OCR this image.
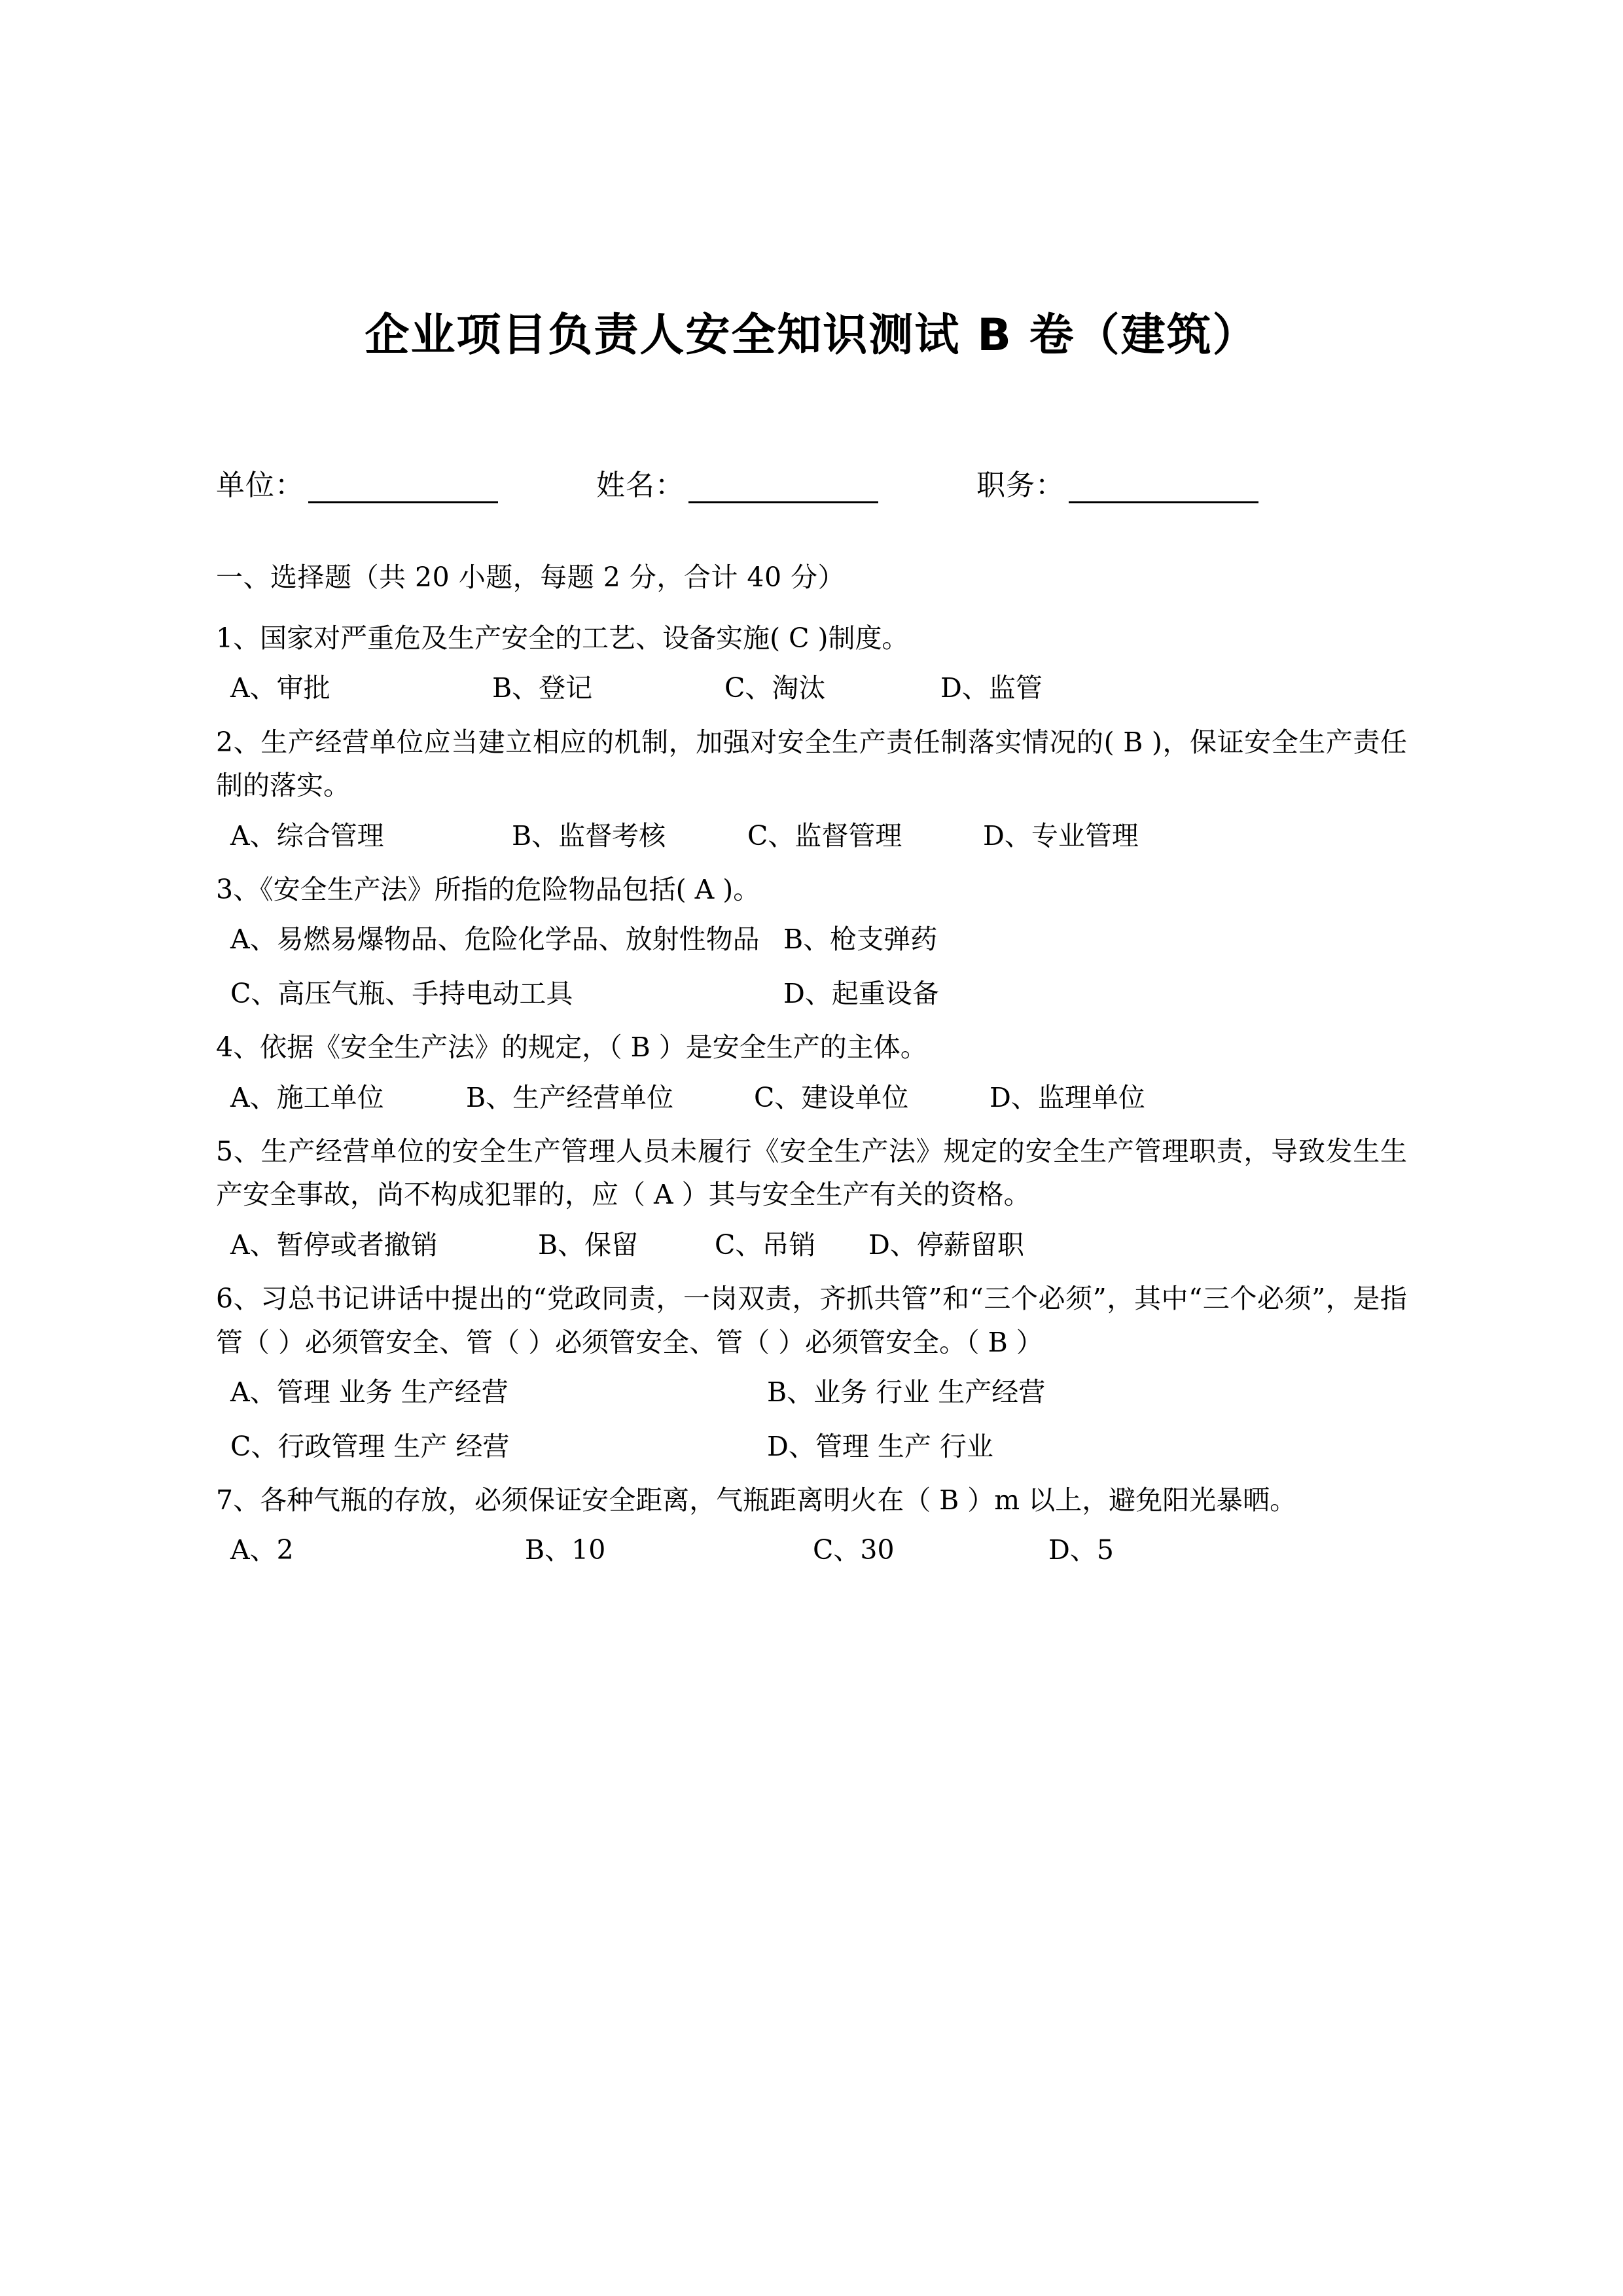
企业项目负责人安全知识测试 B 卷（建筑）
单位：	姓名：	职务：
一、选择题（共 20 小题，每题 2 分，合计 40 分）
1、国家对严重危及生产安全的工艺、设备实施( C )制度。
A、审批	B、登记	C、淘汰	D、监管
2、生产经营单位应当建立相应的机制，加强对安全生产责任制落实情况的( B )，保证安全生产责任制的落实。
A、综合管理	B、监督考核	C、监督管理	D、专业管理
3、《安全生产法》所指的危险物品包括( A )。
A、易燃易爆物品、危险化学品、放射性物品 B、枪支弹药
C、高压气瓶、手持电动工具	D、起重设备
4、依据《安全生产法》的规定，（ B ）是安全生产的主体。
A、施工单位	B、生产经营单位	C、建设单位	D、监理单位
5、生产经营单位的安全生产管理人员未履行《安全生产法》规定的安全生产管理职责，导致发生生产安全事故，尚不构成犯罪的，应（ A ）其与安全生产有关的资格。
A、暂停或者撤销	B、保留	C、吊销	D、停薪留职
6、习总书记讲话中提出的“党政同责，一岗双责，齐抓共管”和“三个必须”，其中“三个必须”，是指管（ ）必须管安全、管（ ）必须管安全、管（ ）必须管安全。（ B ）
A、管理 业务 生产经营	B、业务 行业 生产经营
C、行政管理 生产 经营	D、管理 生产 行业
7、各种气瓶的存放，必须保证安全距离，气瓶距离明火在（ B ）m 以上，避免阳光暴晒。
A、2	B、10	C、30	D、5
